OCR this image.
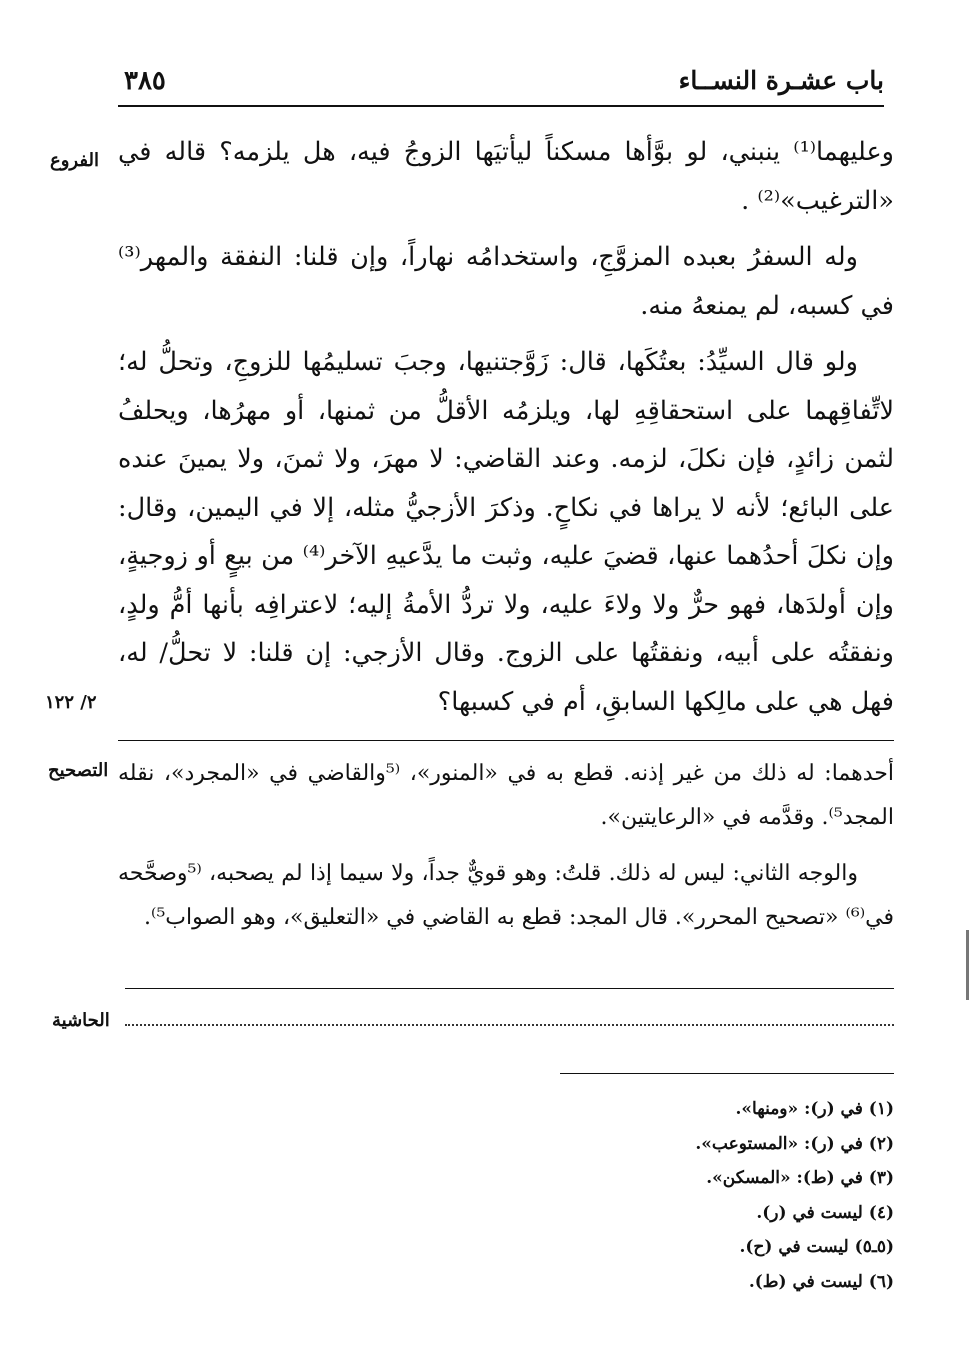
٣٨٥	باب عشـرة النســاء
الفروع
٢/ ١٢٢

وعليهما⁽¹⁾ ينبني، لو بوَّأها مسكناً ليأتيَها الزوجُ فيه، هل يلزمه؟ قاله في «الترغيب»⁽²⁾ .

وله السفرُ بعبده المزوَّجِ، واستخدامُه نهاراً، وإن قلنا: النفقة والمهر⁽³⁾ في كسبه، لم يمنعهُ منه.

ولو قال السيِّدُ: بعتُكَها، قال: زَوَّجتنيها، وجبَ تسليمُها للزوجِ، وتحلُّ له؛ لاتِّفاقِهما على استحقاقِهِ لها، ويلزمُه الأقلُّ من ثمنها، أو مهرُها، ويحلفُ لثمن زائدٍ، فإن نكلَ، لزمه. وعند القاضي: لا مهرَ، ولا ثمنَ، ولا يمينَ عنده على البائع؛ لأنه لا يراها في نكاحٍ. وذكرَ الأزجيُّ مثله، إلا في اليمين، وقال: وإن نكلَ أحدُهما عنها، قضيَ عليه، وثبت ما يدَّعيهِ الآخر⁽⁴⁾ من بيعٍ أو زوجيةٍ، وإن أولدَها، فهو حرٌّ ولا ولاءَ عليه، ولا تردُّ الأمةُ إليه؛ لاعترافِه بأنها أمُّ ولدٍ، ونفقتُه على أبيه، ونفقتُها على الزوج. وقال الأزجي: إن قلنا: لا تحلُّ/ له، فهل هي على مالِكها السابقِ، أم في كسبها؟

التصحيح أحدهما: له ذلك من غير إذنه. قطع به في «المنور»، ⁽⁵والقاضي في «المجرد»، نقله المجد⁵⁾. وقدَّمه في «الرعايتين».

والوجه الثاني: ليس له ذلك. قلتُ: وهو قويٌّ جداً، ولا سيما إذا لم يصحبه، ⁽⁵وصحَّحه في⁽⁶⁾ «تصحيح المحرر». قال المجد: قطع به القاضي في «التعليق»، وهو الصواب⁵⁾.

الحاشية
(١) في (ر): «ومنها».
(٢) في (ر): «المستوعب».
(٣) في (ط): «المسكن».
(٤) ليست في (ر).
(٥ـ٥) ليست في (ح).
(٦) ليست في (ط).
